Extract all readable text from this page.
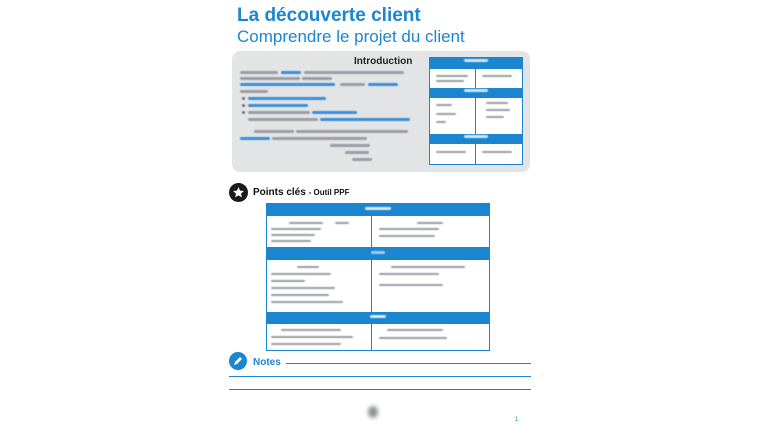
La découverte client
Comprendre le projet du client
Introduction
Points clés - Outil PPF
Notes
1
